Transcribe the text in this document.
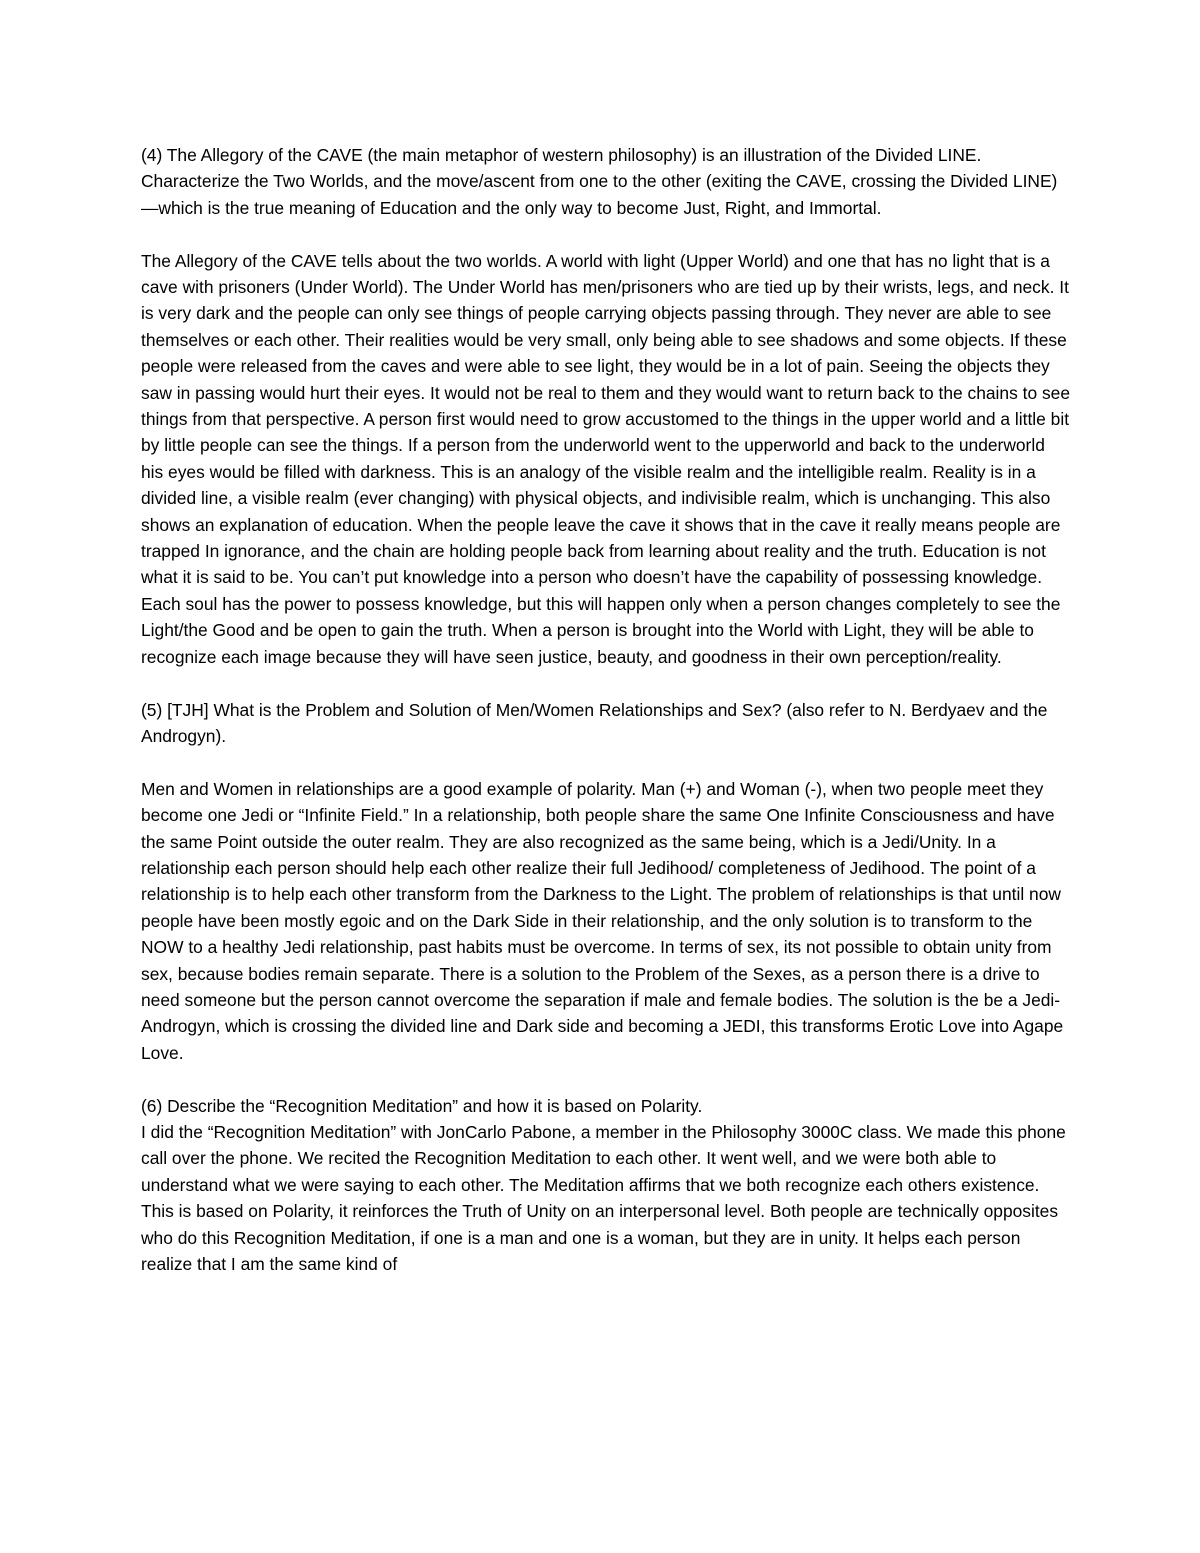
(4) The Allegory of the CAVE (the main metaphor of western philosophy) is an illustration of the Divided LINE. Characterize the Two Worlds, and the move/ascent from one to the other (exiting the CAVE, crossing the Divided LINE)—which is the true meaning of Education and the only way to become Just, Right, and Immortal.

The Allegory of the CAVE tells about the two worlds. A world with light (Upper World) and one that has no light that is a cave with prisoners (Under World). The Under World has men/prisoners who are tied up by their wrists, legs, and neck. It is very dark and the people can only see things of people carrying objects passing through. They never are able to see themselves or each other. Their realities would be very small, only being able to see shadows and some objects. If these people were released from the caves and were able to see light, they would be in a lot of pain. Seeing the objects they saw in passing would hurt their eyes. It would not be real to them and they would want to return back to the chains to see things from that perspective. A person first would need to grow accustomed to the things in the upper world and a little bit by little people can see the things. If a person from the underworld went to the upperworld and back to the underworld his eyes would be filled with darkness. This is an analogy of the visible realm and the intelligible realm. Reality is in a divided line, a visible realm (ever changing) with physical objects, and indivisible realm, which is unchanging. This also shows an explanation of education. When the people leave the cave it shows that in the cave it really means people are trapped In ignorance, and the chain are holding people back from learning about reality and the truth. Education is not what it is said to be. You can’t put knowledge into a person who doesn’t have the capability of possessing knowledge. Each soul has the power to possess knowledge, but this will happen only when a person changes completely to see the Light/the Good and be open to gain the truth. When a person is brought into the World with Light, they will be able to recognize each image because they will have seen justice, beauty, and goodness in their own perception/reality.

(5) [TJH] What is the Problem and Solution of Men/Women Relationships and Sex? (also refer to N. Berdyaev and the Androgyn).

Men and Women in relationships are a good example of polarity. Man (+) and Woman (-), when two people meet they become one Jedi or “Infinite Field.” In a relationship, both people share the same One Infinite Consciousness and have the same Point outside the outer realm. They are also recognized as the same being, which is a Jedi/Unity. In a relationship each person should help each other realize their full Jedihood/ completeness of Jedihood. The point of a relationship is to help each other transform from the Darkness to the Light. The problem of relationships is that until now people have been mostly egoic and on the Dark Side in their relationship, and the only solution is to transform to the NOW to a healthy Jedi relationship, past habits must be overcome. In terms of sex, its not possible to obtain unity from sex, because bodies remain separate. There is a solution to the Problem of the Sexes, as a person there is a drive to need someone but the person cannot overcome the separation if male and female bodies. The solution is the be a Jedi-Androgyn, which is crossing the divided line and Dark side and becoming a JEDI, this transforms Erotic Love into Agape Love.

(6) Describe the “Recognition Meditation” and how it is based on Polarity.

I did the “Recognition Meditation” with JonCarlo Pabone, a member in the Philosophy 3000C class. We made this phone call over the phone. We recited the Recognition Meditation to each other. It went well, and we were both able to understand what we were saying to each other. The Meditation affirms that we both recognize each others existence. This is based on Polarity, it reinforces the Truth of Unity on an interpersonal level. Both people are technically opposites who do this Recognition Meditation, if one is a man and one is a woman, but they are in unity. It helps each person realize that I am the same kind of
